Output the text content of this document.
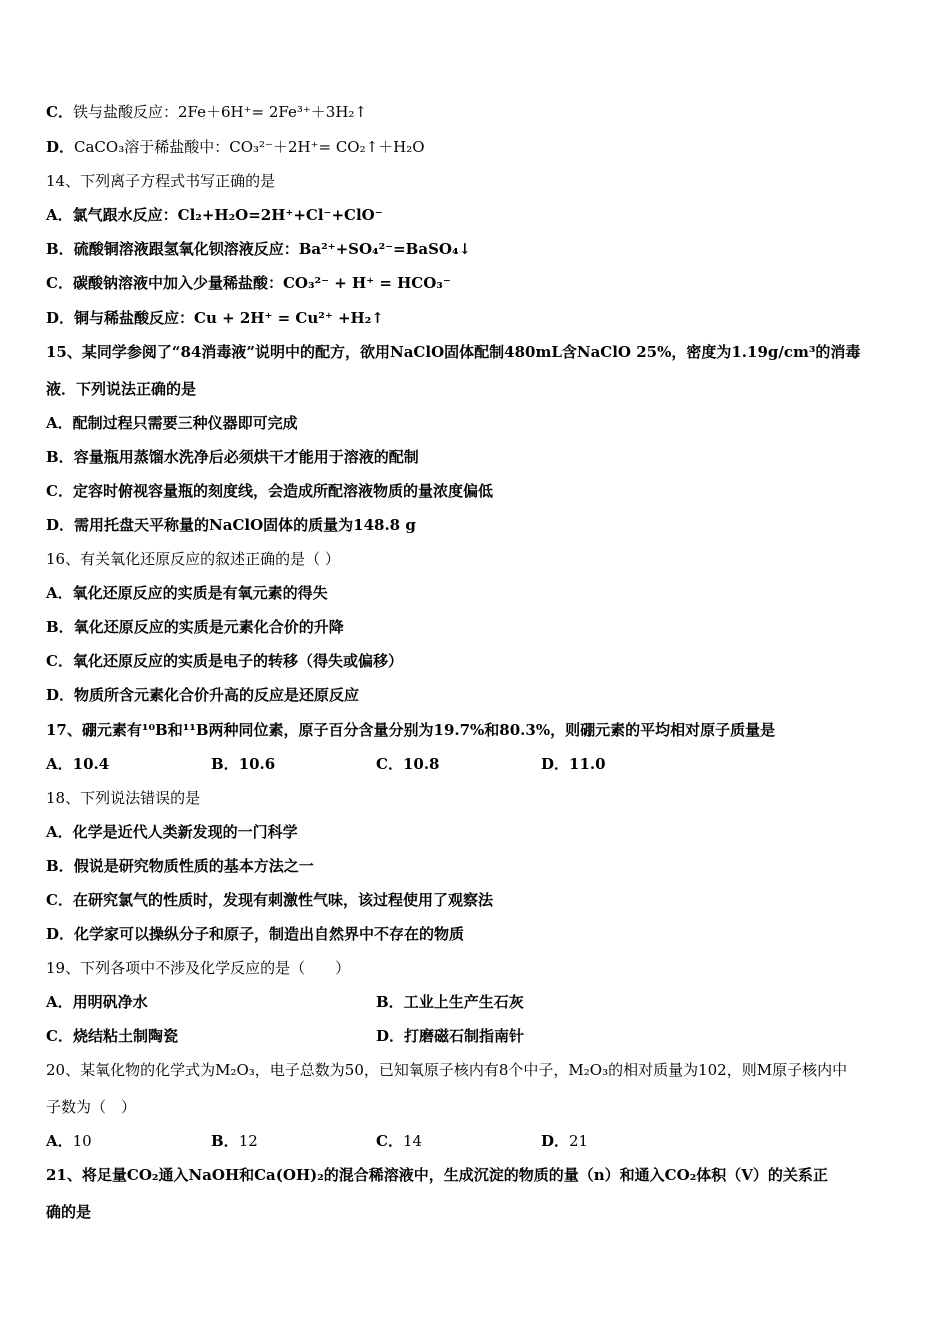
C．铁与盐酸反应：2Fe＋6H⁺= 2Fe³⁺＋3H₂↑
D．CaCO₃溶于稀盐酸中：CO₃²⁻＋2H⁺= CO₂↑＋H₂O
14、下列离子方程式书写正确的是
A．氯气跟水反应：Cl₂+H₂O=2H⁺+Cl⁻+ClO⁻
B．硫酸铜溶液跟氢氧化钡溶液反应：Ba²⁺+SO₄²⁻=BaSO₄↓
C．碳酸钠溶液中加入少量稀盐酸：CO₃²⁻ + H⁺ = HCO₃⁻
D．铜与稀盐酸反应：Cu + 2H⁺ = Cu²⁺ +H₂↑
15、某同学参阅了“84消毒液”说明中的配方，欲用NaClO固体配制480mL含NaClO 25%，密度为1.19g/cm³的消毒
液．下列说法正确的是
A．配制过程只需要三种仪器即可完成
B．容量瓶用蒸馏水洗净后必须烘干才能用于溶液的配制
C．定容时俯视容量瓶的刻度线，会造成所配溶液物质的量浓度偏低
D．需用托盘天平称量的NaClO固体的质量为148.8 g
16、有关氧化还原反应的叙述正确的是（ ）
A．氧化还原反应的实质是有氧元素的得失
B．氧化还原反应的实质是元素化合价的升降
C．氧化还原反应的实质是电子的转移（得失或偏移）
D．物质所含元素化合价升高的反应是还原反应
17、硼元素有¹⁰B和¹¹B两种同位素，原子百分含量分别为19.7%和80.3%，则硼元素的平均相对原子质量是
A．10.4	B．10.6	C．10.8	D．11.0
18、下列说法错误的是
A．化学是近代人类新发现的一门科学
B．假说是研究物质性质的基本方法之一
C．在研究氯气的性质时，发现有刺激性气味，该过程使用了观察法
D．化学家可以操纵分子和原子，制造出自然界中不存在的物质
19、下列各项中不涉及化学反应的是（　　）
A．用明矾净水	B．工业上生产生石灰
C．烧结粘土制陶瓷	D．打磨磁石制指南针
20、某氧化物的化学式为M₂O₃，电子总数为50，已知氧原子核内有8个中子，M₂O₃的相对质量为102，则M原子核内中
子数为（　）
A．10	B．12	C．14	D．21
21、将足量CO₂通入NaOH和Ca(OH)₂的混合稀溶液中，生成沉淀的物质的量（n）和通入CO₂体积（V）的关系正
确的是
